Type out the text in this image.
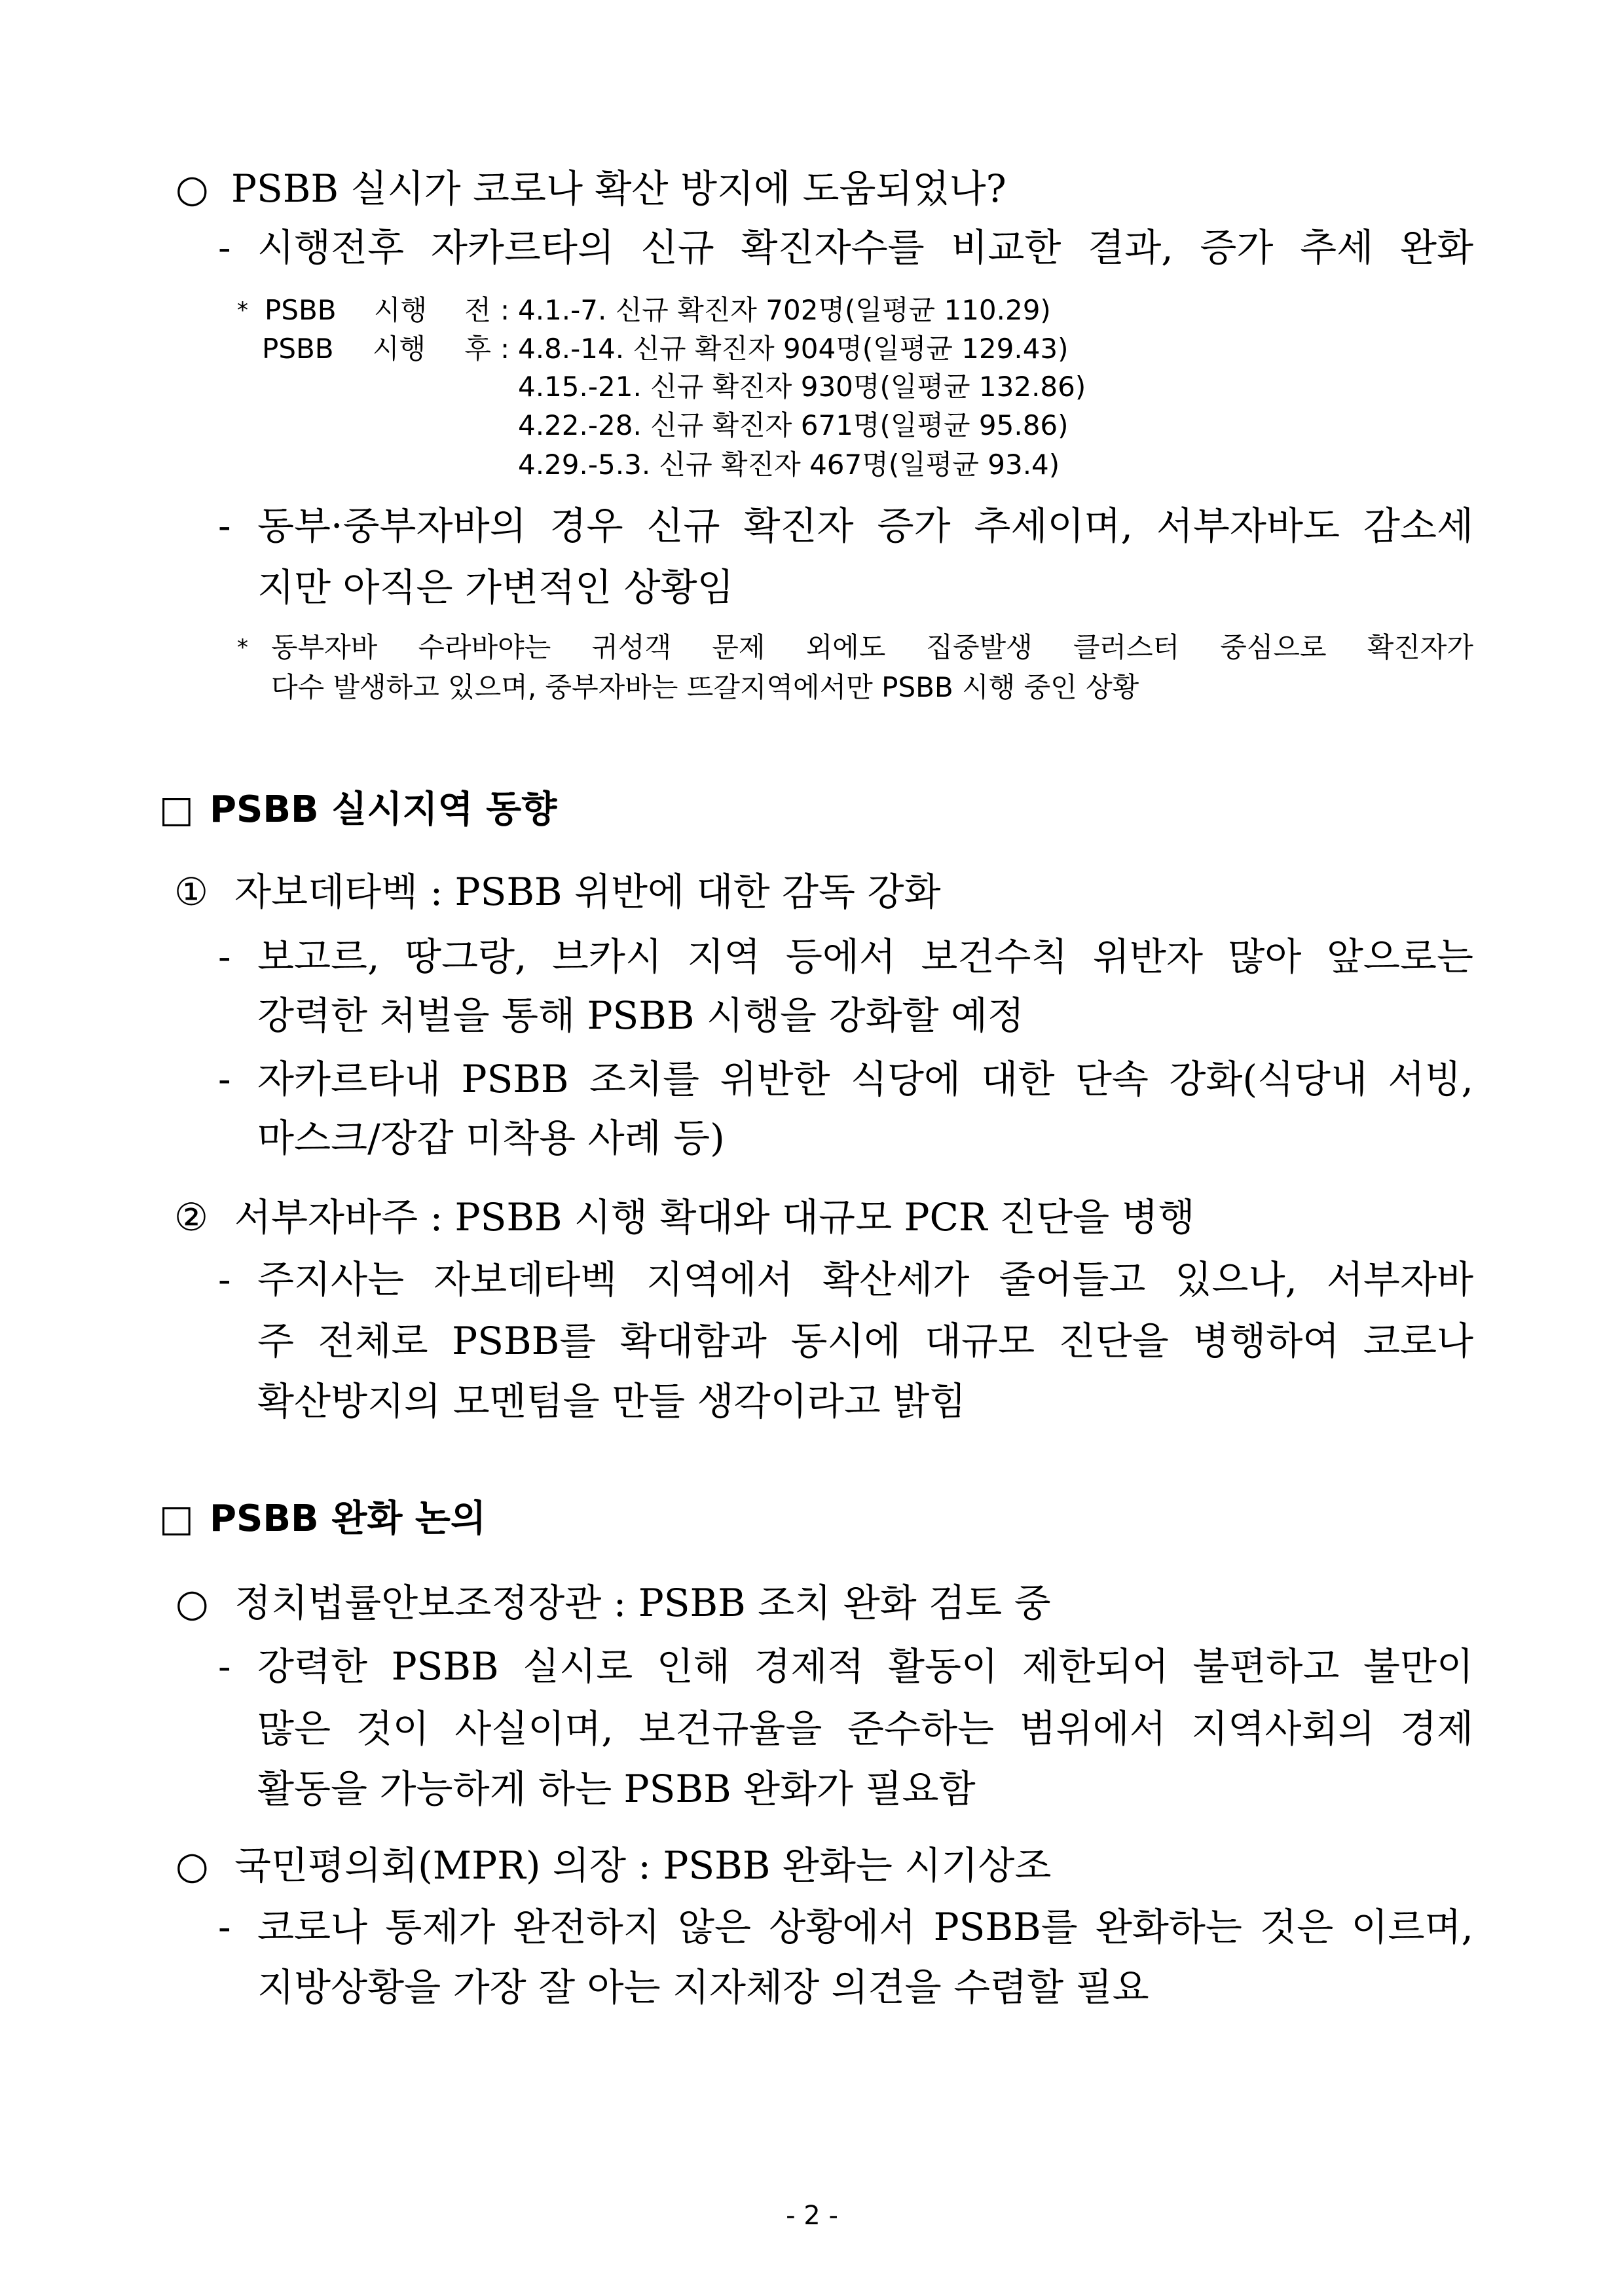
○ PSBB 실시가 코로나 확산 방지에 도움되었나?
- 시행전후 자카르타의 신규 확진자수를 비교한 결과, 증가 추세 완화
* PSBB 시행 전 : 4.1.-7. 신규 확진자 702명(일평균 110.29)
PSBB 시행 후 : 4.8.-14. 신규 확진자 904명(일평균 129.43)
4.15.-21. 신규 확진자 930명(일평균 132.86)
4.22.-28. 신규 확진자 671명(일평균 95.86)
4.29.-5.3. 신규 확진자 467명(일평균 93.4)
- 동부·중부자바의 경우 신규 확진자 증가 추세이며, 서부자바도 감소세
지만 아직은 가변적인 상황임
* 동부자바 수라바야는 귀성객 문제 외에도 집중발생 클러스터 중심으로 확진자가
다수 발생하고 있으며, 중부자바는 뜨갈지역에서만 PSBB 시행 중인 상황
□ PSBB 실시지역 동향
① 자보데타벡 : PSBB 위반에 대한 감독 강화
- 보고르, 땅그랑, 브카시 지역 등에서 보건수칙 위반자 많아 앞으로는
강력한 처벌을 통해 PSBB 시행을 강화할 예정
- 자카르타내 PSBB 조치를 위반한 식당에 대한 단속 강화(식당내 서빙,
마스크/장갑 미착용 사례 등)
② 서부자바주 : PSBB 시행 확대와 대규모 PCR 진단을 병행
- 주지사는 자보데타벡 지역에서 확산세가 줄어들고 있으나, 서부자바
주 전체로 PSBB를 확대함과 동시에 대규모 진단을 병행하여 코로나
확산방지의 모멘텀을 만들 생각이라고 밝힘
□ PSBB 완화 논의
○ 정치법률안보조정장관 : PSBB 조치 완화 검토 중
- 강력한 PSBB 실시로 인해 경제적 활동이 제한되어 불편하고 불만이
많은 것이 사실이며, 보건규율을 준수하는 범위에서 지역사회의 경제
활동을 가능하게 하는 PSBB 완화가 필요함
○ 국민평의회(MPR) 의장 : PSBB 완화는 시기상조
- 코로나 통제가 완전하지 않은 상황에서 PSBB를 완화하는 것은 이르며,
지방상황을 가장 잘 아는 지자체장 의견을 수렴할 필요
- 2 -
